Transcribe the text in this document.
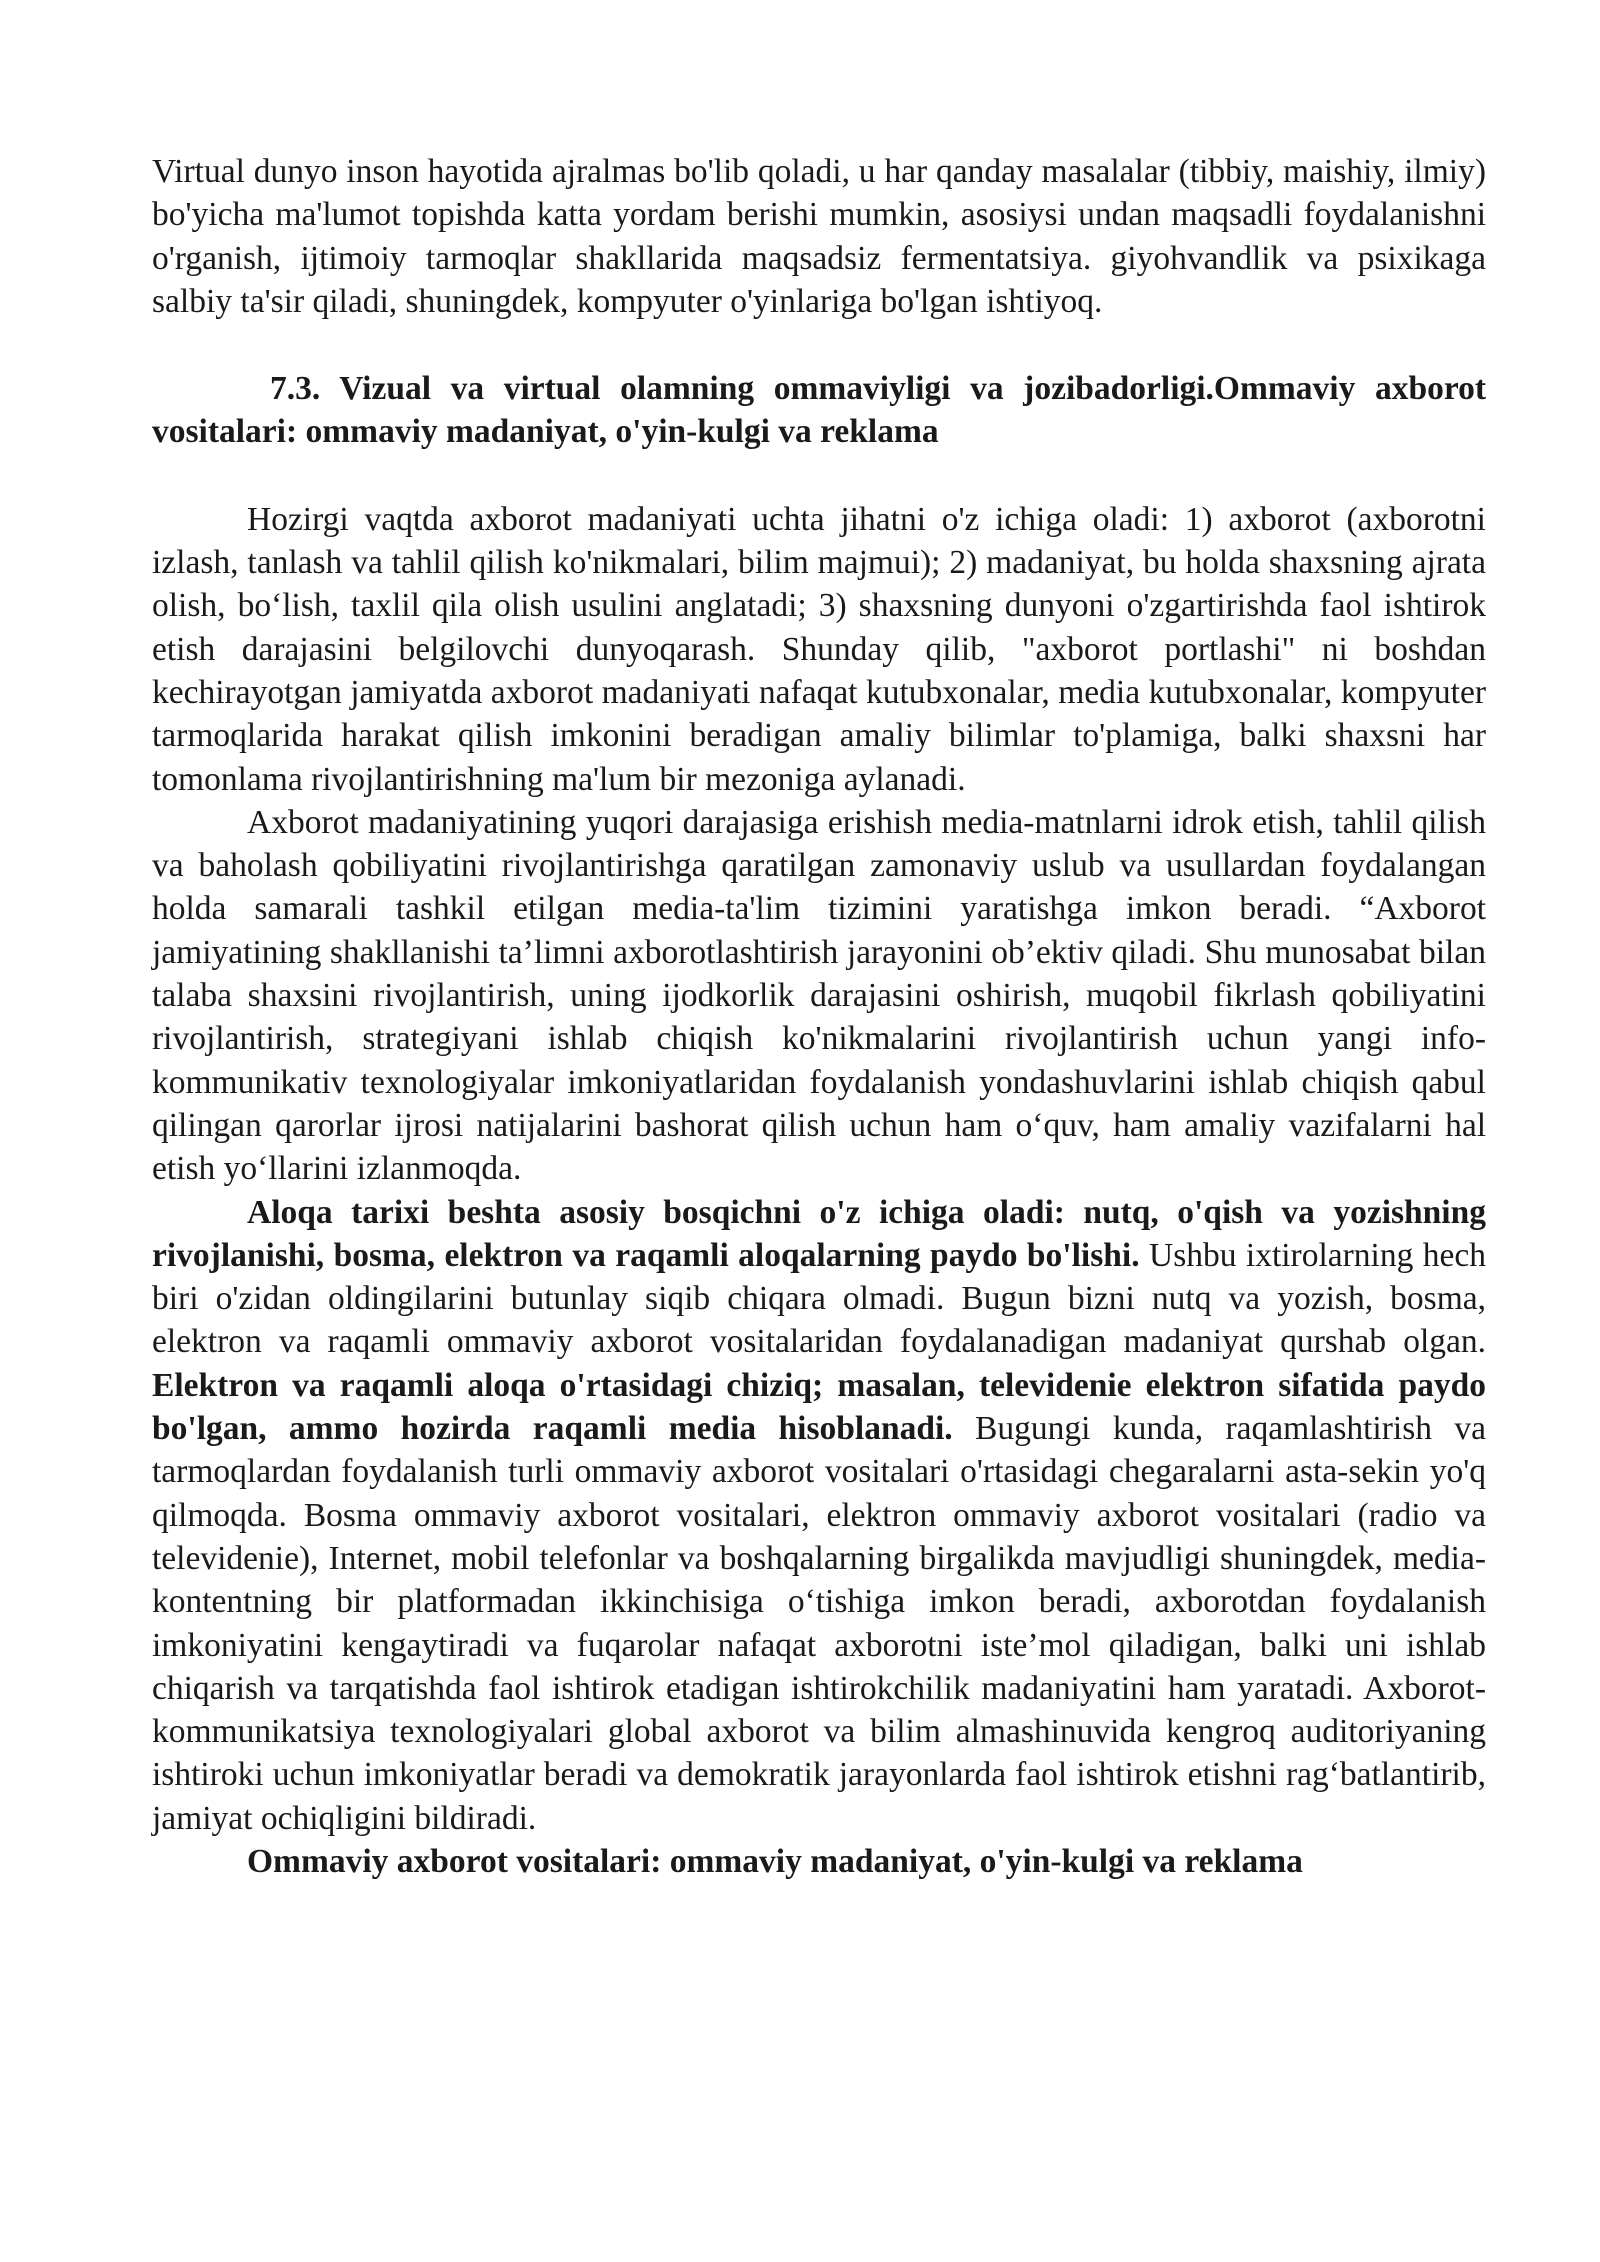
Virtual dunyo inson hayotida ajralmas bo'lib qoladi, u har qanday masalalar (tibbiy, maishiy, ilmiy) bo'yicha ma'lumot topishda katta yordam berishi mumkin, asosiysi undan maqsadli foydalanishni o'rganish, ijtimoiy tarmoqlar shakllarida maqsadsiz fermentatsiya. giyohvandlik va psixikaga salbiy ta'sir qiladi, shuningdek, kompyuter o'yinlariga bo'lgan ishtiyoq.

7.3. Vizual va virtual olamning ommaviyligi va jozibadorligi.Ommaviy axborot vositalari: ommaviy madaniyat, o'yin-kulgi va reklama

Hozirgi vaqtda axborot madaniyati uchta jihatni o'z ichiga oladi: 1) axborot (axborotni izlash, tanlash va tahlil qilish ko'nikmalari, bilim majmui); 2) madaniyat, bu holda shaxsning ajrata olish, bo‘lish, taxlil qila olish usulini anglatadi; 3) shaxsning dunyoni o'zgartirishda faol ishtirok etish darajasini belgilovchi dunyoqarash. Shunday qilib, "axborot portlashi" ni boshdan kechirayotgan jamiyatda axborot madaniyati nafaqat kutubxonalar, media kutubxonalar, kompyuter tarmoqlarida harakat qilish imkonini beradigan amaliy bilimlar to'plamiga, balki shaxsni har tomonlama rivojlantirishning ma'lum bir mezoniga aylanadi.

Axborot madaniyatining yuqori darajasiga erishish media-matnlarni idrok etish, tahlil qilish va baholash qobiliyatini rivojlantirishga qaratilgan zamonaviy uslub va usullardan foydalangan holda samarali tashkil etilgan media-ta'lim tizimini yaratishga imkon beradi. “Axborot jamiyatining shakllanishi ta’limni axborotlashtirish jarayonini ob’ektiv qiladi. Shu munosabat bilan talaba shaxsini rivojlantirish, uning ijodkorlik darajasini oshirish, muqobil fikrlash qobiliyatini rivojlantirish, strategiyani ishlab chiqish ko'nikmalarini rivojlantirish uchun yangi info-kommunikativ texnologiyalar imkoniyatlaridan foydalanish yondashuvlarini ishlab chiqish qabul qilingan qarorlar ijrosi natijalarini bashorat qilish uchun ham o‘quv, ham amaliy vazifalarni hal etish yo‘llarini izlanmoqda.

Aloqa tarixi beshta asosiy bosqichni o'z ichiga oladi: nutq, o'qish va yozishning rivojlanishi, bosma, elektron va raqamli aloqalarning paydo bo'lishi. Ushbu ixtirolarning hech biri o'zidan oldingilarini butunlay siqib chiqara olmadi. Bugun bizni nutq va yozish, bosma, elektron va raqamli ommaviy axborot vositalaridan foydalanadigan madaniyat qurshab olgan. Elektron va raqamli aloqa o'rtasidagi chiziq; masalan, televidenie elektron sifatida paydo bo'lgan, ammo hozirda raqamli media hisoblanadi. Bugungi kunda, raqamlashtirish va tarmoqlardan foydalanish turli ommaviy axborot vositalari o'rtasidagi chegaralarni asta-sekin yo'q qilmoqda. Bosma ommaviy axborot vositalari, elektron ommaviy axborot vositalari (radio va televidenie), Internet, mobil telefonlar va boshqalarning birgalikda mavjudligi shuningdek, media-kontentning bir platformadan ikkinchisiga o‘tishiga imkon beradi, axborotdan foydalanish imkoniyatini kengaytiradi va fuqarolar nafaqat axborotni iste’mol qiladigan, balki uni ishlab chiqarish va tarqatishda faol ishtirok etadigan ishtirokchilik madaniyatini ham yaratadi. Axborot-kommunikatsiya texnologiyalari global axborot va bilim almashinuvida kengroq auditoriyaning ishtiroki uchun imkoniyatlar beradi va demokratik jarayonlarda faol ishtirok etishni rag‘batlantirib, jamiyat ochiqligini bildiradi.

Ommaviy axborot vositalari: ommaviy madaniyat, o'yin-kulgi va reklama
